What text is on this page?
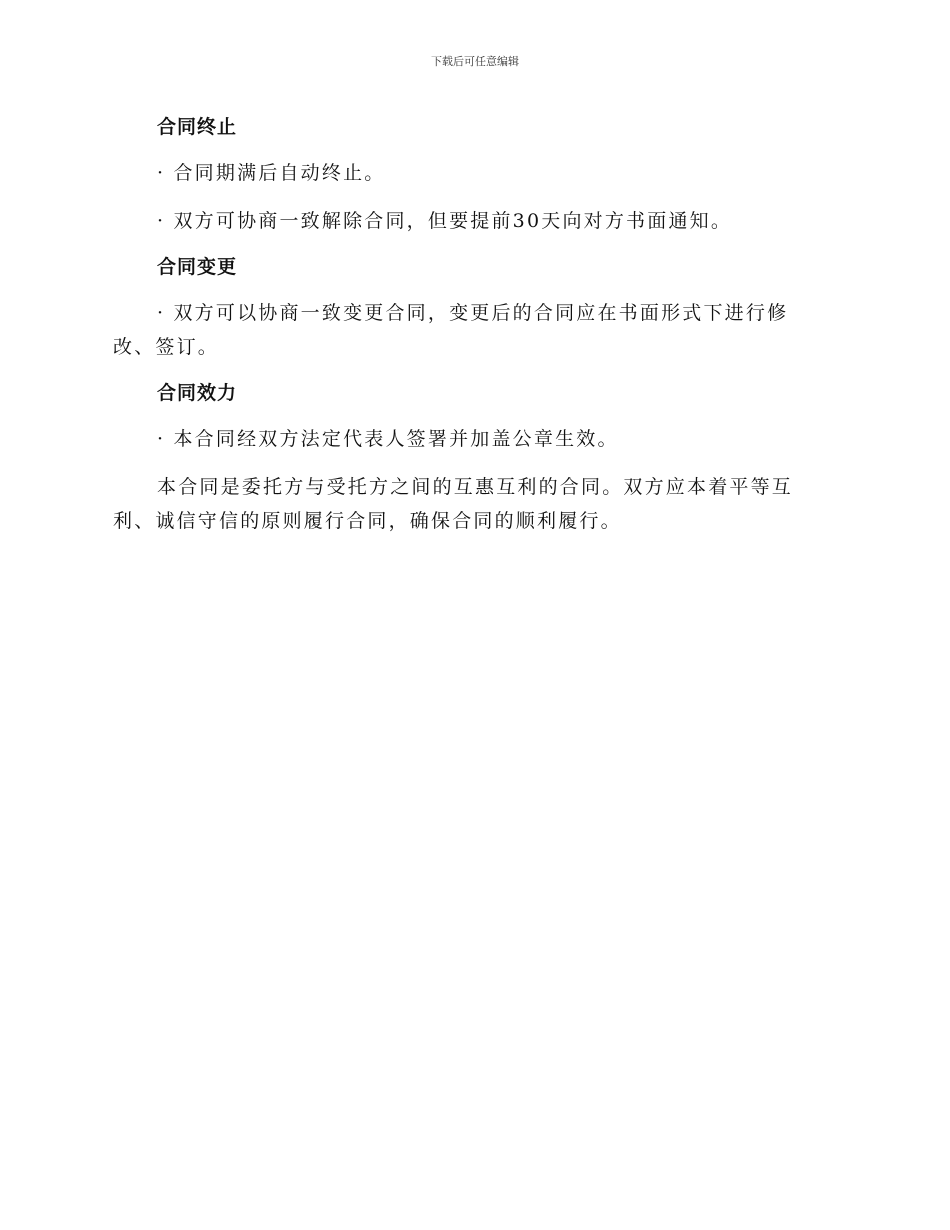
下载后可任意编辑
合同终止

· 合同期满后自动终止。

· 双方可协商一致解除合同，但要提前30天向对方书面通知。

合同变更

· 双方可以协商一致变更合同，变更后的合同应在书面形式下进行修改、签订。

合同效力

· 本合同经双方法定代表人签署并加盖公章生效。

本合同是委托方与受托方之间的互惠互利的合同。双方应本着平等互利、诚信守信的原则履行合同，确保合同的顺利履行。
